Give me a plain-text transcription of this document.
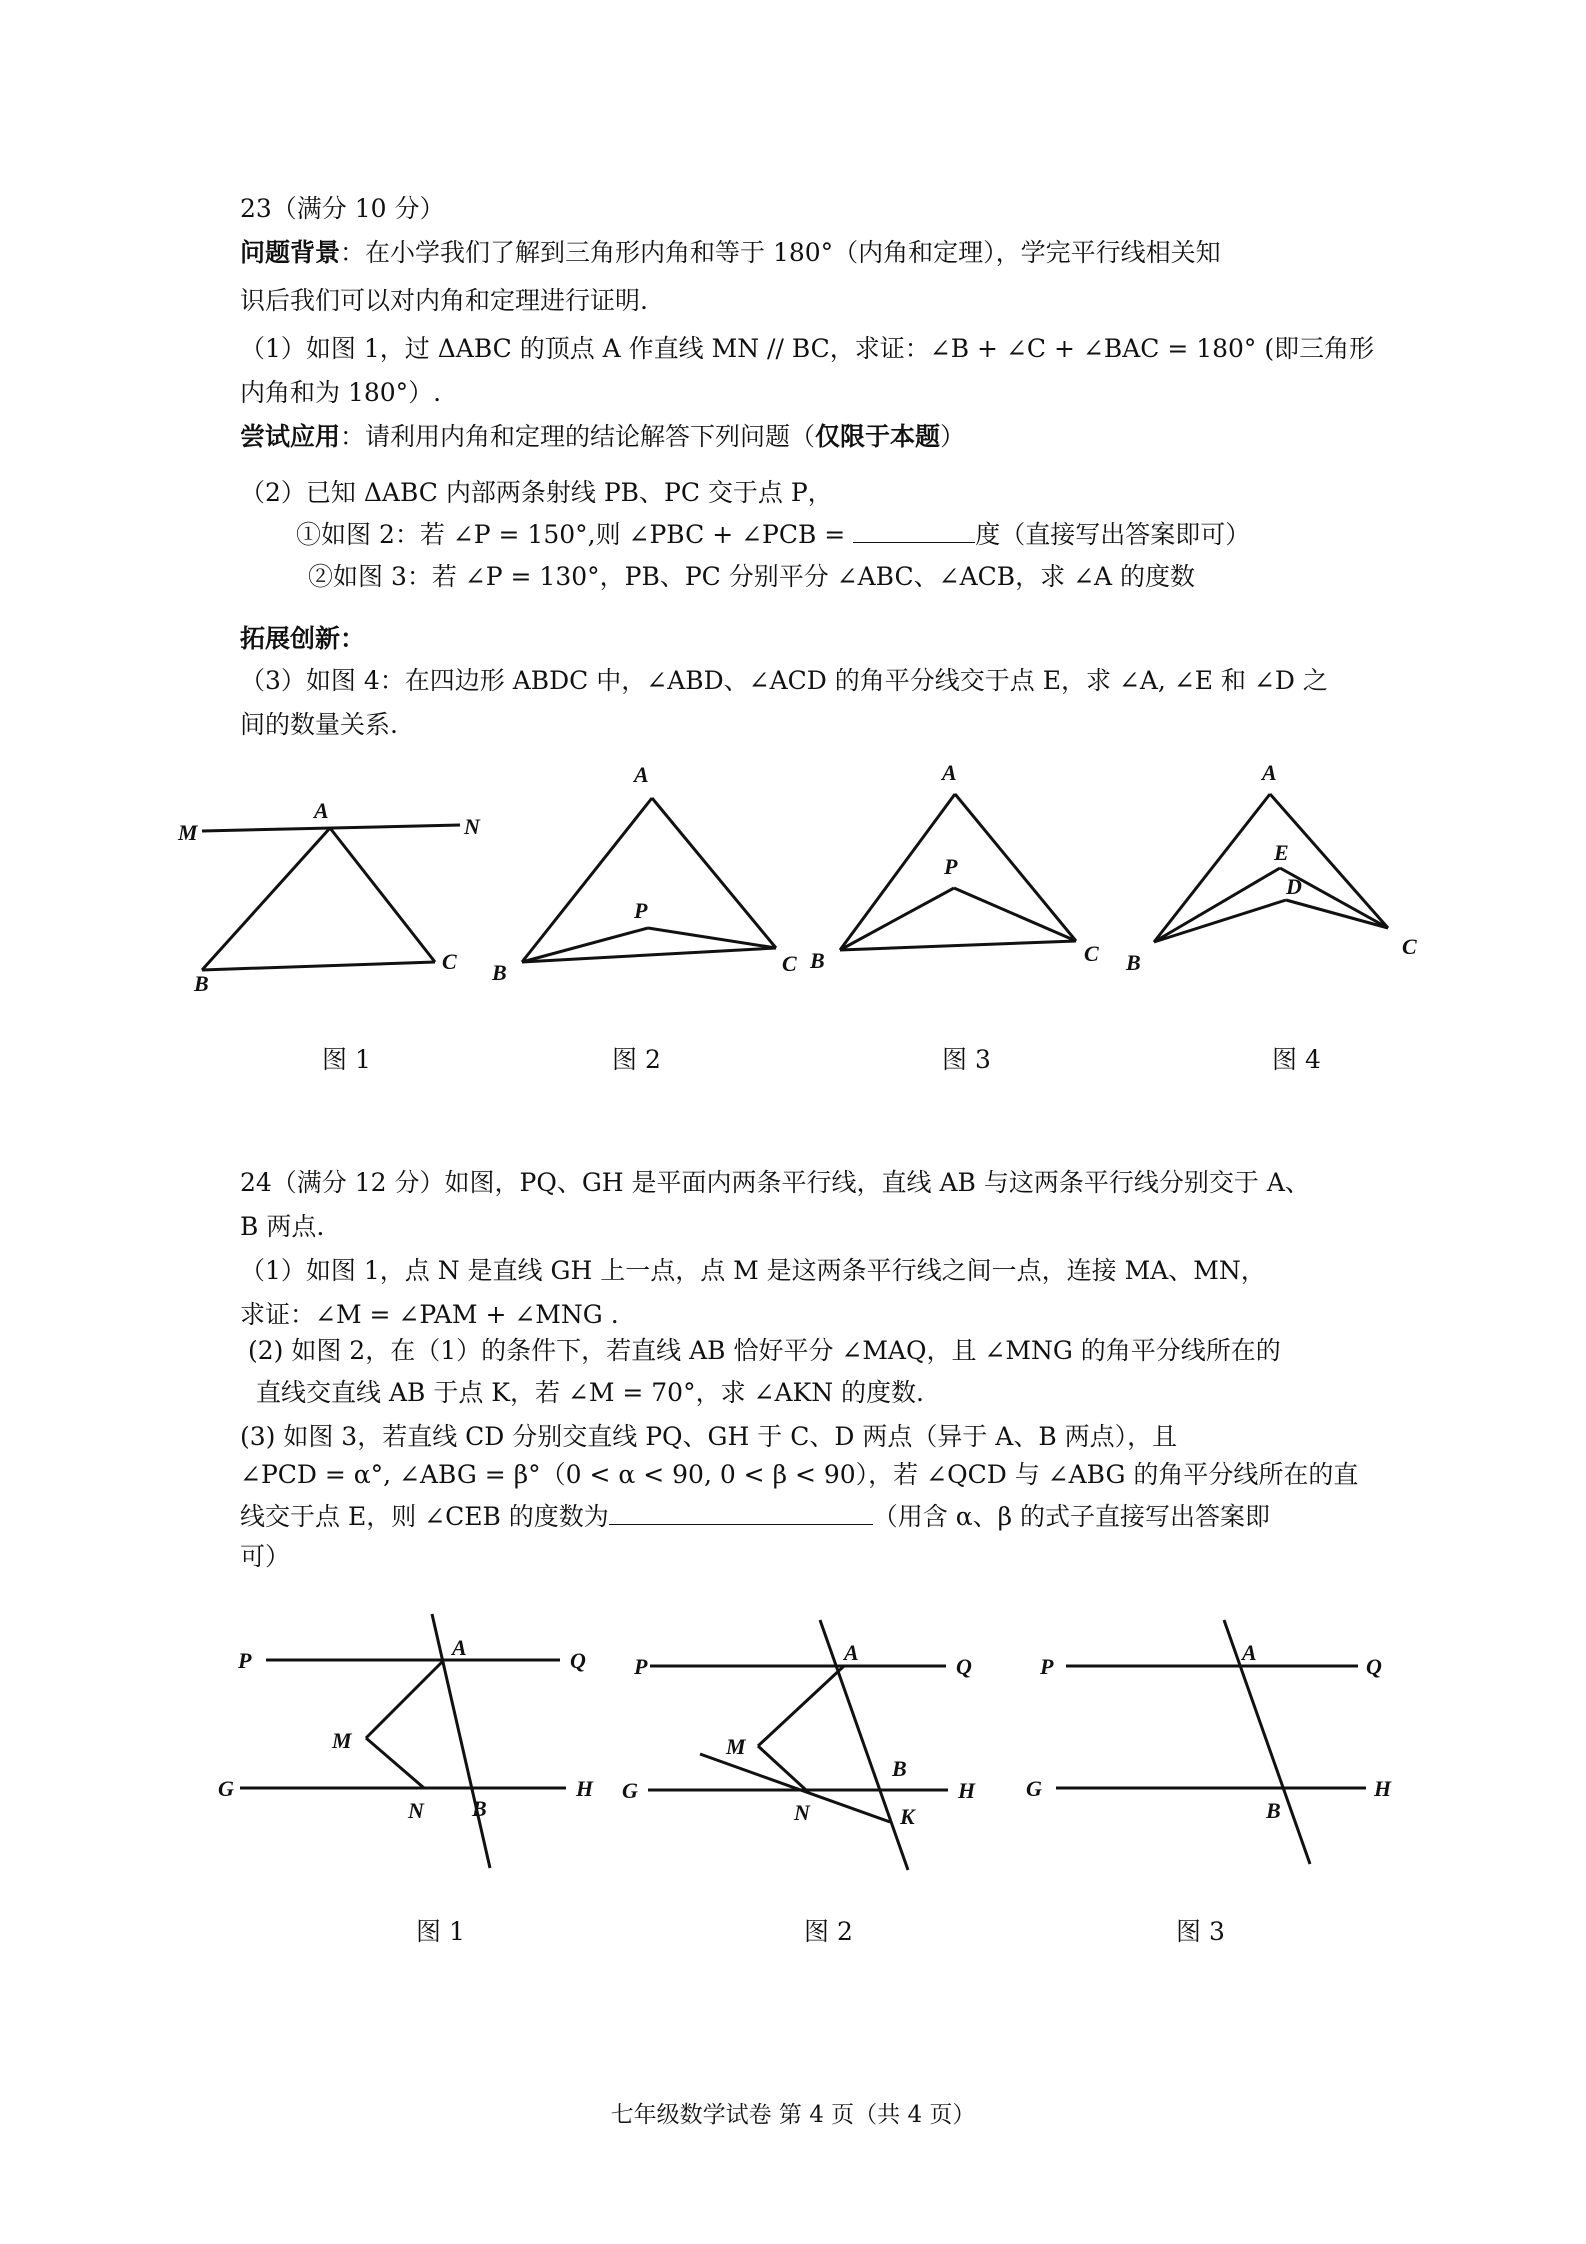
23（满分 10 分）
问题背景：在小学我们了解到三角形内角和等于 180°（内角和定理），学完平行线相关知
识后我们可以对内角和定理进行证明.
（1）如图 1，过 ΔABC 的顶点 A 作直线 MN // BC，求证：∠B + ∠C + ∠BAC = 180° (即三角形
内角和为 180°）.
尝试应用：请利用内角和定理的结论解答下列问题（仅限于本题）
（2）已知 ΔABC 内部两条射线 PB、PC 交于点 P，
①如图 2：若 ∠P = 150°,则 ∠PBC + ∠PCB =	度（直接写出答案即可）
②如图 3：若 ∠P = 130°，PB、PC 分别平分 ∠ABC、∠ACB，求 ∠A 的度数
拓展创新：
（3）如图 4：在四边形 ABDC 中，∠ABD、∠ACD 的角平分线交于点 E，求 ∠A, ∠E 和 ∠D 之
间的数量关系.
M
A
N
B
C
A
P
B	C
A
P
B	C
A
E
D
B
C
图 1	图 2	图 3	图 4
24（满分 12 分）如图，PQ、GH 是平面内两条平行线，直线 AB 与这两条平行线分别交于 A、
B 两点.
（1）如图 1，点 N 是直线 GH 上一点，点 M 是这两条平行线之间一点，连接 MA、MN，
求证：∠M = ∠PAM + ∠MNG .
(2) 如图 2，在（1）的条件下，若直线 AB 恰好平分 ∠MAQ，且 ∠MNG 的角平分线所在的
直线交直线 AB 于点 K，若 ∠M = 70°，求 ∠AKN 的度数.
(3) 如图 3，若直线 CD 分别交直线 PQ、GH 于 C、D 两点（异于 A、B 两点），且
∠PCD = α°, ∠ABG = β°（0 < α < 90, 0 < β < 90），若 ∠QCD 与 ∠ABG 的角平分线所在的直
线交于点 E，则 ∠CEB 的度数为	（用含 α、β 的式子直接写出答案即
可）
P
A
Q
M
G
N B
H
P
A
Q
M
B
G	H
N	K
P
A
Q
G
B
H
图 1	图 2	图 3
七年级数学试卷 第 4 页（共 4 页）
